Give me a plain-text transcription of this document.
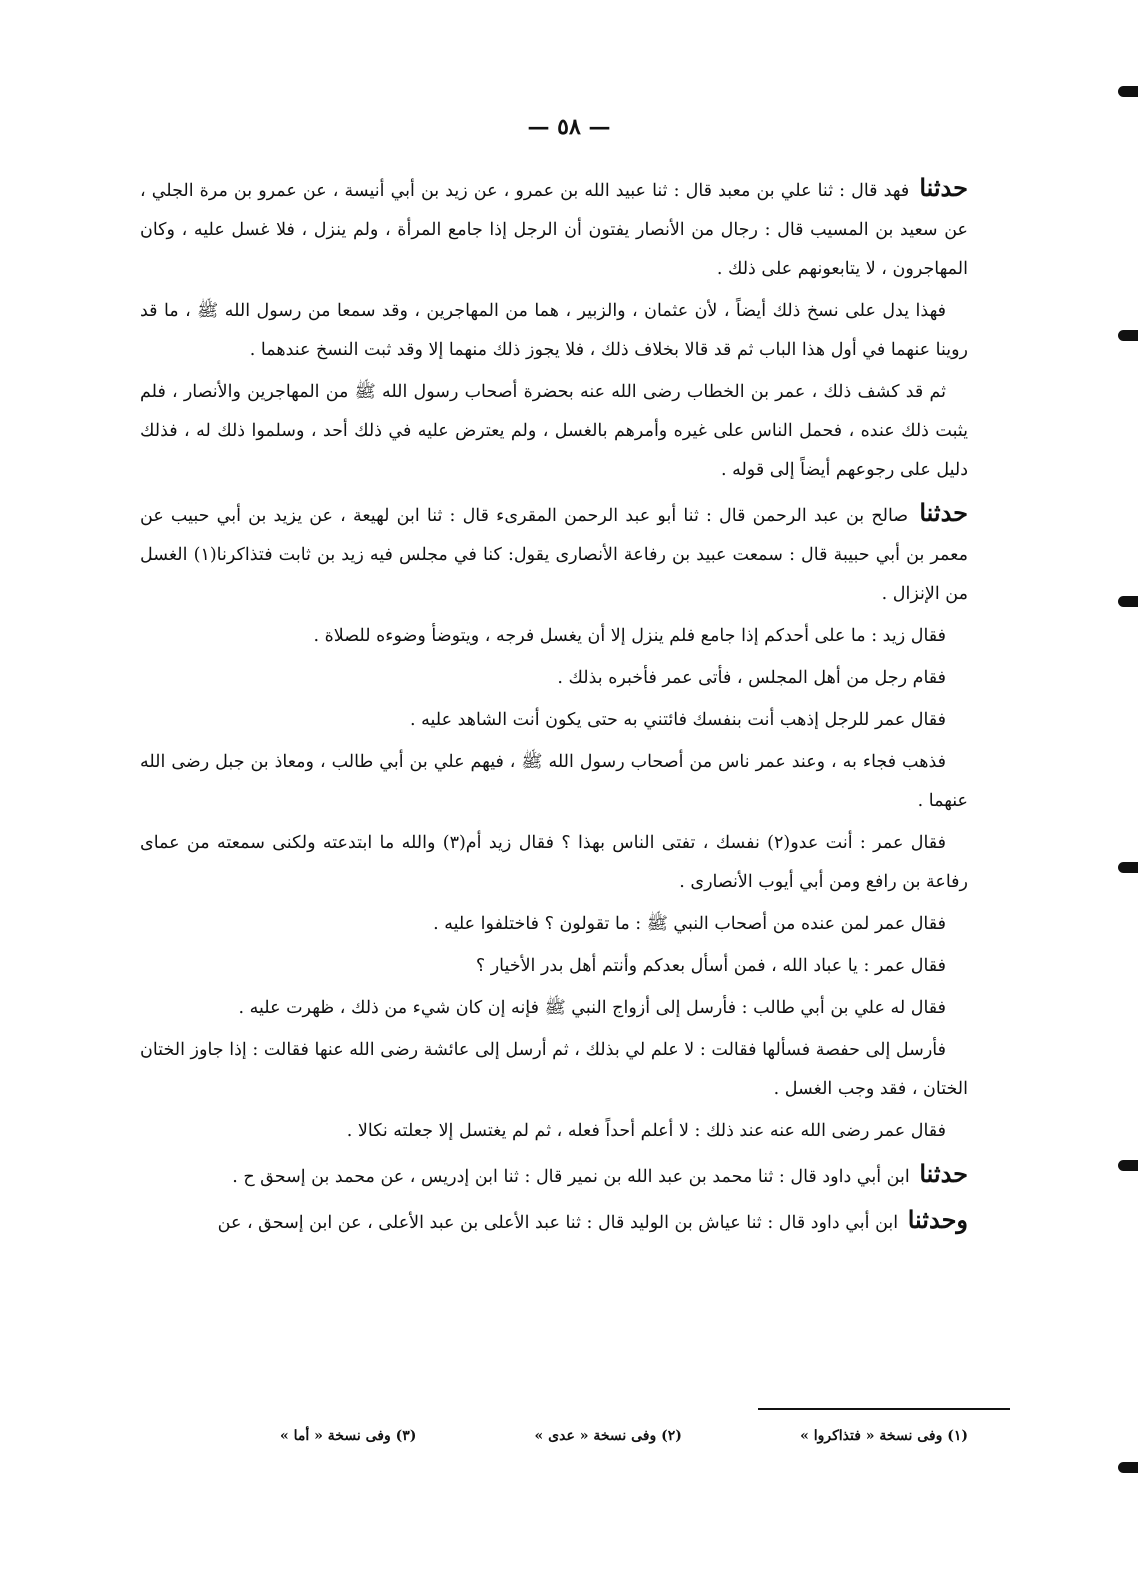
— ٥٨ —

حدثنا فهد قال : ثنا علي بن معبد قال : ثنا عبيد الله بن عمرو ، عن زيد بن أبي أنيسة ، عن عمرو بن مرة الجلي ، عن سعيد بن المسيب قال : رجال من الأنصار يفتون أن الرجل إذا جامع المرأة ، ولم ينزل ، فلا غسل عليه ، وكان المهاجرون ، لا يتابعونهم على ذلك .

فهذا يدل على نسخ ذلك أيضاً ، لأن عثمان ، والزبير ، هما من المهاجرين ، وقد سمعا من رسول الله ﷺ ، ما قد روينا عنهما في أول هذا الباب ثم قد قالا بخلاف ذلك ، فلا يجوز ذلك منهما إلا وقد ثبت النسخ عندهما .

ثم قد كشف ذلك ، عمر بن الخطاب رضى الله عنه بحضرة أصحاب رسول الله ﷺ من المهاجرين والأنصار ، فلم يثبت ذلك عنده ، فحمل الناس على غيره وأمرهم بالغسل ، ولم يعترض عليه في ذلك أحد ، وسلموا ذلك له ، فذلك دليل على رجوعهم أيضاً إلى قوله .

حدثنا صالح بن عبد الرحمن قال : ثنا أبو عبد الرحمن المقرىء قال : ثنا ابن لهيعة ، عن يزيد بن أبي حبيب عن معمر بن أبي حبيبة قال : سمعت عبيد بن رفاعة الأنصارى يقول: كنا في مجلس فيه زيد بن ثابت فتذاكرنا(١) الغسل من الإنزال .

فقال زيد : ما على أحدكم إذا جامع فلم ينزل إلا أن يغسل فرجه ، ويتوضأ وضوءه للصلاة .

فقام رجل من أهل المجلس ، فأتى عمر فأخبره بذلك .

فقال عمر للرجل إذهب أنت بنفسك فائتني به حتى يكون أنت الشاهد عليه .

فذهب فجاء به ، وعند عمر ناس من أصحاب رسول الله ﷺ ، فيهم علي بن أبي طالب ، ومعاذ بن جبل رضى الله عنهما .

فقال عمر : أنت عدو(٢) نفسك ، تفتى الناس بهذا ؟ فقال زيد أم(٣) والله ما ابتدعته ولكنى سمعته من عماى رفاعة بن رافع ومن أبي أيوب الأنصارى .

فقال عمر لمن عنده من أصحاب النبي ﷺ : ما تقولون ؟ فاختلفوا عليه .

فقال عمر : يا عباد الله ، فمن أسأل بعدكم وأنتم أهل بدر الأخيار ؟

فقال له علي بن أبي طالب : فأرسل إلى أزواج النبي ﷺ فإنه إن كان شيء من ذلك ، ظهرت عليه .

فأرسل إلى حفصة فسألها فقالت : لا علم لي بذلك ، ثم أرسل إلى عائشة رضى الله عنها فقالت : إذا جاوز الختان الختان ، فقد وجب الغسل .

فقال عمر رضى الله عنه عند ذلك : لا أعلم أحداً فعله ، ثم لم يغتسل إلا جعلته نكالا .

حدثنا ابن أبي داود قال : ثنا محمد بن عبد الله بن نمير قال : ثنا ابن إدريس ، عن محمد بن إسحق ح .

وحدثنا ابن أبي داود قال : ثنا عياش بن الوليد قال : ثنا عبد الأعلى بن عبد الأعلى ، عن ابن إسحق ، عن

(١) وفى نسخة « فتذاكروا »
(٢) وفى نسخة « عدى »
(٣) وفى نسخة « أما »
